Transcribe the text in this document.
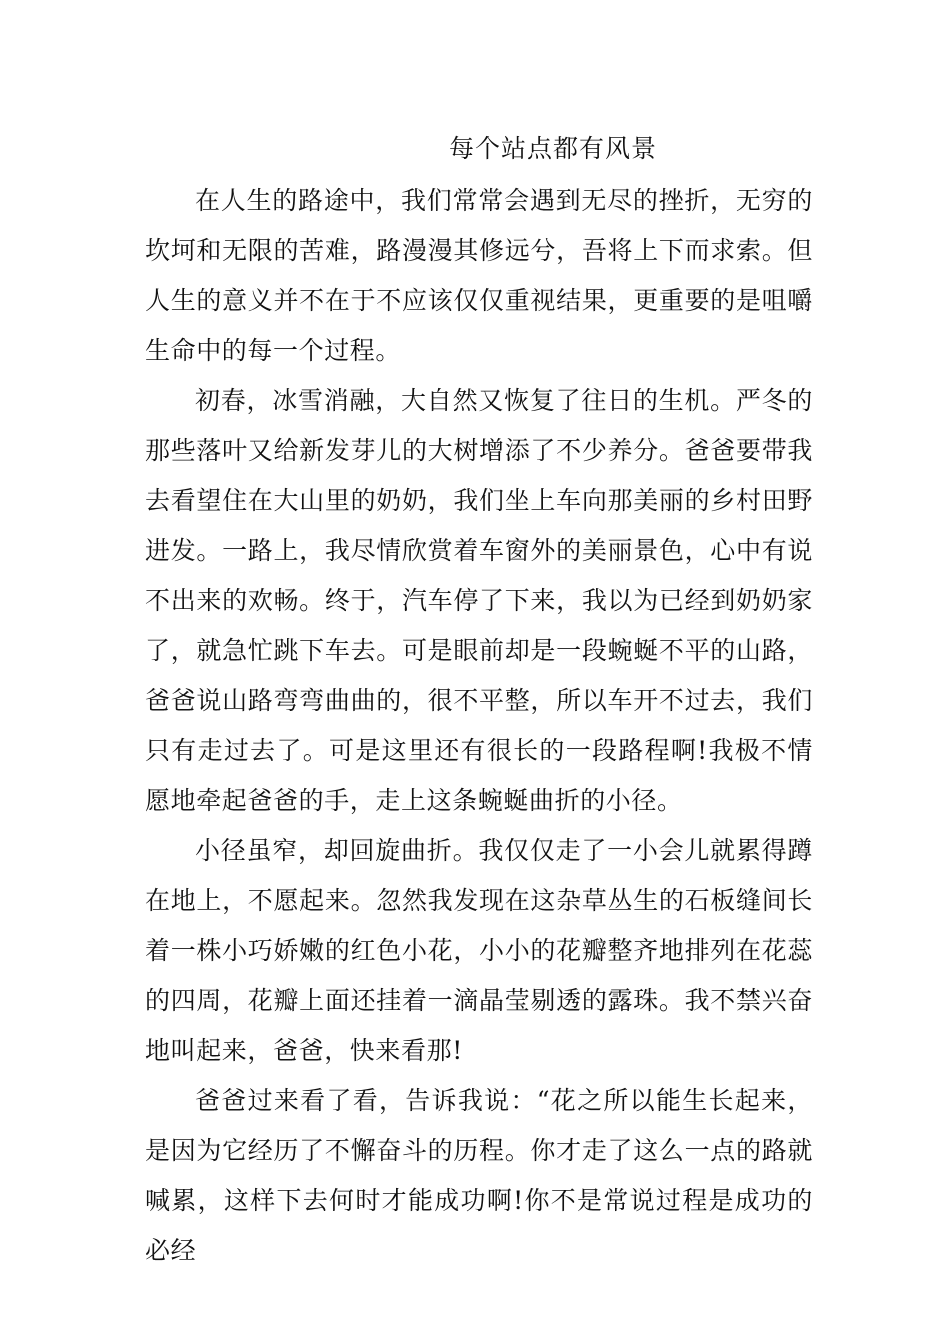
每个站点都有风景

在人生的路途中，我们常常会遇到无尽的挫折，无穷的坎坷和无限的苦难，路漫漫其修远兮，吾将上下而求索。但人生的意义并不在于不应该仅仅重视结果，更重要的是咀嚼生命中的每一个过程。

初春，冰雪消融，大自然又恢复了往日的生机。严冬的那些落叶又给新发芽儿的大树增添了不少养分。爸爸要带我去看望住在大山里的奶奶，我们坐上车向那美丽的乡村田野进发。一路上，我尽情欣赏着车窗外的美丽景色，心中有说不出来的欢畅。终于，汽车停了下来，我以为已经到奶奶家了，就急忙跳下车去。可是眼前却是一段蜿蜒不平的山路，爸爸说山路弯弯曲曲的，很不平整，所以车开不过去，我们只有走过去了。可是这里还有很长的一段路程啊!我极不情愿地牵起爸爸的手，走上这条蜿蜒曲折的小径。

小径虽窄，却回旋曲折。我仅仅走了一小会儿就累得蹲在地上，不愿起来。忽然我发现在这杂草丛生的石板缝间长着一株小巧娇嫩的红色小花，小小的花瓣整齐地排列在花蕊的四周，花瓣上面还挂着一滴晶莹剔透的露珠。我不禁兴奋地叫起来，爸爸，快来看那!

爸爸过来看了看，告诉我说：“花之所以能生长起来，是因为它经历了不懈奋斗的历程。你才走了这么一点的路就喊累，这样下去何时才能成功啊!你不是常说过程是成功的必经
